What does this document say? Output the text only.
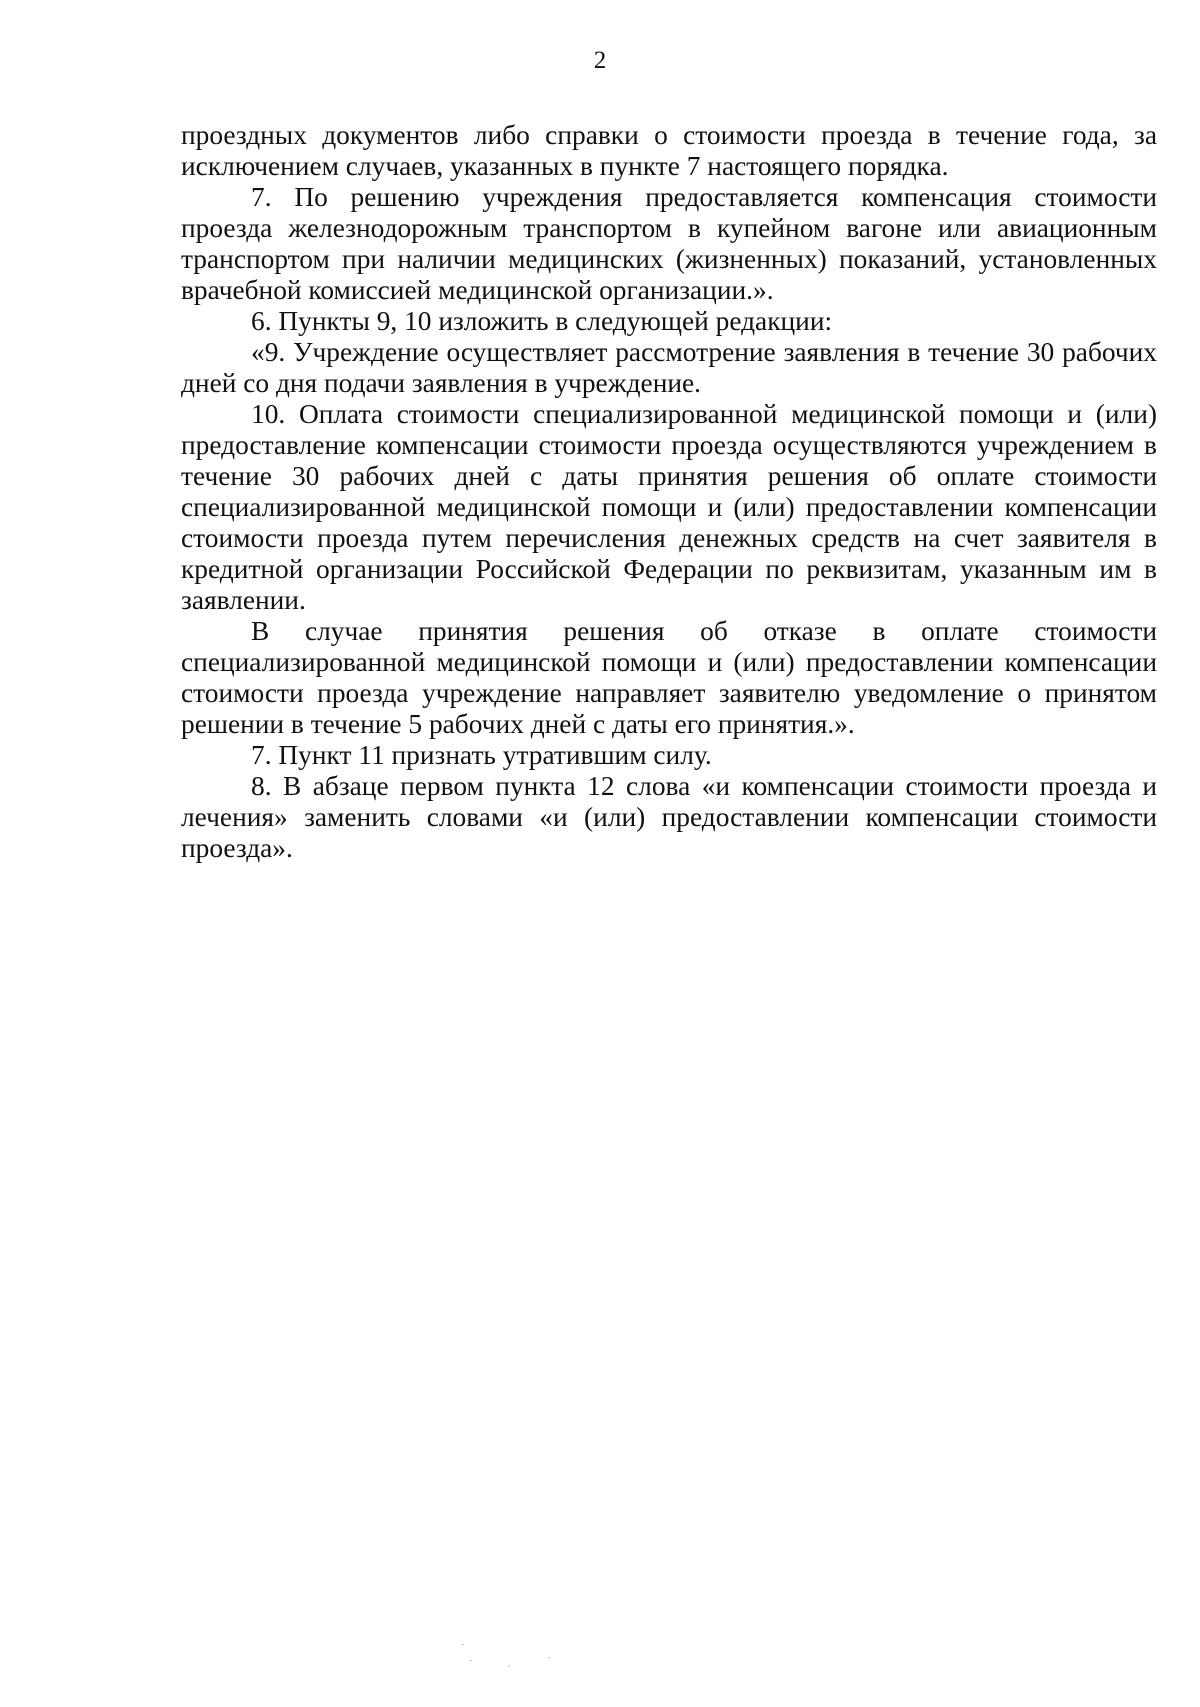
2

проездных документов либо справки о стоимости проезда в течение года, за исключением случаев, указанных в пункте 7 настоящего порядка.

7. По решению учреждения предоставляется компенсация стоимости проезда железнодорожным транспортом в купейном вагоне или авиационным транспортом при наличии медицинских (жизненных) показаний, установленных врачебной комиссией медицинской организации.».

6. Пункты 9, 10 изложить в следующей редакции:

«9. Учреждение осуществляет рассмотрение заявления в течение 30 рабочих дней со дня подачи заявления в учреждение.

10. Оплата стоимости специализированной медицинской помощи и (или) предоставление компенсации стоимости проезда осуществляются учреждением в течение 30 рабочих дней с даты принятия решения об оплате стоимости специализированной медицинской помощи и (или) предоставлении компенсации стоимости проезда путем перечисления денежных средств на счет заявителя в кредитной организации Российской Федерации по реквизитам, указанным им в заявлении.

В случае принятия решения об отказе в оплате стоимости специализированной медицинской помощи и (или) предоставлении компенсации стоимости проезда учреждение направляет заявителю уведомление о принятом решении в течение 5 рабочих дней с даты его принятия.».

7. Пункт 11 признать утратившим силу.

8. В абзаце первом пункта 12 слова «и компенсации стоимости проезда и лечения» заменить словами «и (или) предоставлении компенсации стоимости проезда».
